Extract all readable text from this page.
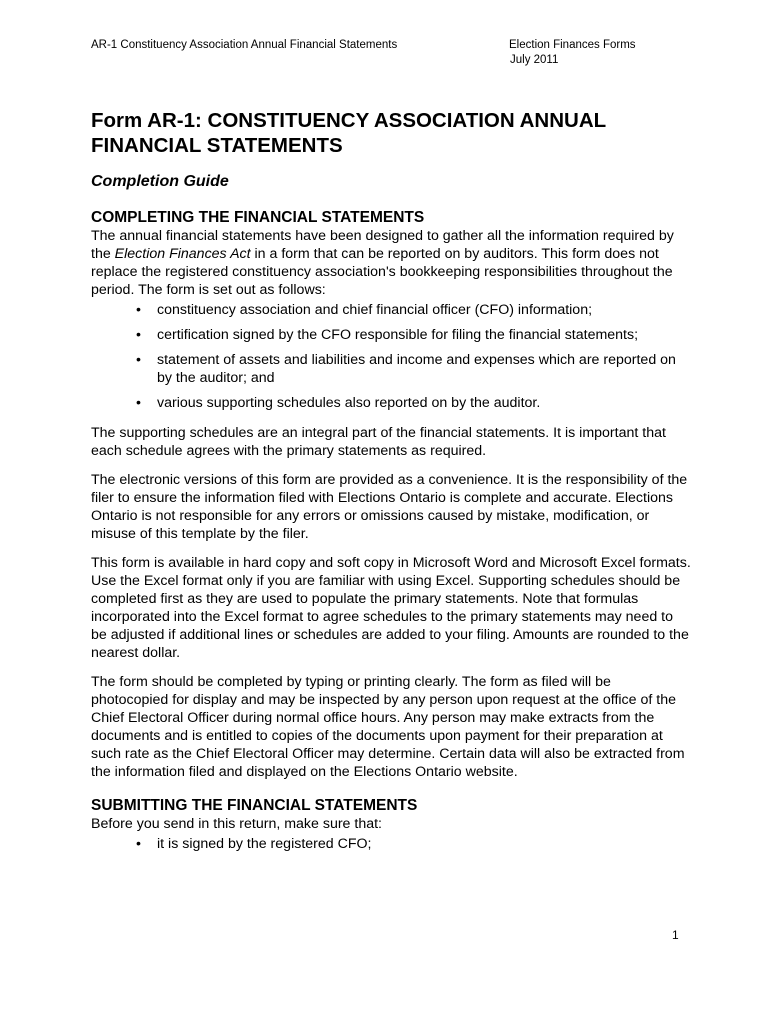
AR-1 Constituency Association Annual Financial Statements	Election Finances Forms
July 2011
Form AR-1: CONSTITUENCY ASSOCIATION ANNUAL
FINANCIAL STATEMENTS
Completion Guide
COMPLETING THE FINANCIAL STATEMENTS

The annual financial statements have been designed to gather all the information required by the Election Finances Act in a form that can be reported on by auditors. This form does not replace the registered constituency association's bookkeeping responsibilities throughout the period. The form is set out as follows:

• constituency association and chief financial officer (CFO) information;
• certification signed by the CFO responsible for filing the financial statements;
• statement of assets and liabilities and income and expenses which are reported on by the auditor; and
• various supporting schedules also reported on by the auditor.

The supporting schedules are an integral part of the financial statements. It is important that each schedule agrees with the primary statements as required.

The electronic versions of this form are provided as a convenience. It is the responsibility of the filer to ensure the information filed with Elections Ontario is complete and accurate. Elections Ontario is not responsible for any errors or omissions caused by mistake, modification, or misuse of this template by the filer.

This form is available in hard copy and soft copy in Microsoft Word and Microsoft Excel formats. Use the Excel format only if you are familiar with using Excel. Supporting schedules should be completed first as they are used to populate the primary statements. Note that formulas incorporated into the Excel format to agree schedules to the primary statements may need to be adjusted if additional lines or schedules are added to your filing. Amounts are rounded to the nearest dollar.

The form should be completed by typing or printing clearly. The form as filed will be photocopied for display and may be inspected by any person upon request at the office of the Chief Electoral Officer during normal office hours. Any person may make extracts from the documents and is entitled to copies of the documents upon payment for their preparation at such rate as the Chief Electoral Officer may determine. Certain data will also be extracted from the information filed and displayed on the Elections Ontario website.

SUBMITTING THE FINANCIAL STATEMENTS

Before you send in this return, make sure that:

• it is signed by the registered CFO;
1
